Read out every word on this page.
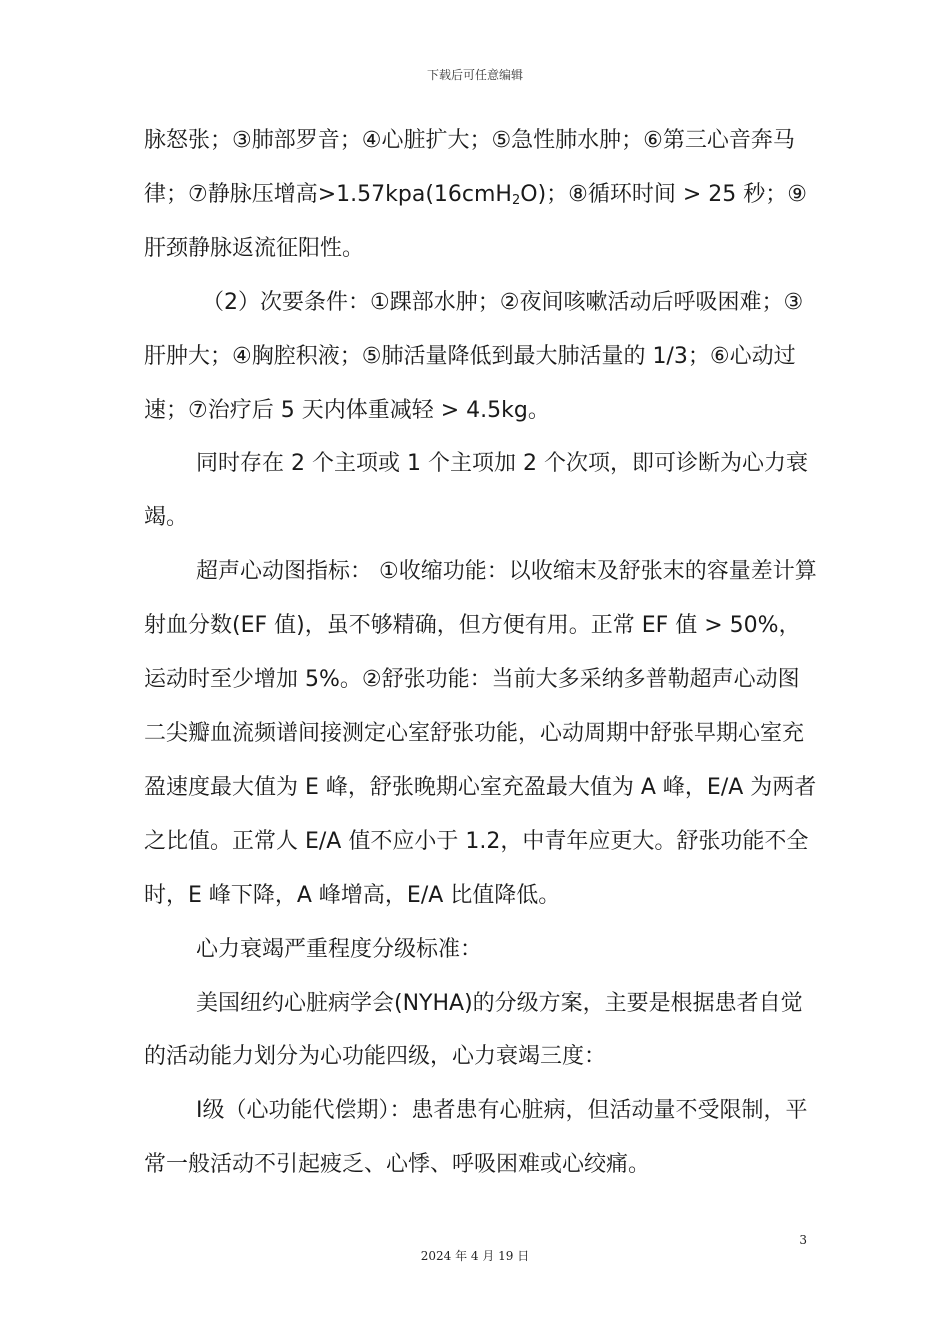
下载后可任意编辑

脉怒张；③肺部罗音；④心脏扩大；⑤急性肺水肿；⑥第三心音奔马律；⑦静脉压增高>1.57kpa(16cmH$_2$O)；⑧循环时间 > 25 秒；⑨肝颈静脉返流征阳性。

（2）次要条件：①踝部水肿；②夜间咳嗽活动后呼吸困难；③肝肿大；④胸腔积液；⑤肺活量降低到最大肺活量的 1/3；⑥心动过速；⑦治疗后 5 天内体重减轻 > 4.5kg。

同时存在 2 个主项或 1 个主项加 2 个次项，即可诊断为心力衰竭。

超声心动图指标： ①收缩功能：以收缩末及舒张末的容量差计算射血分数(EF 值)，虽不够精确，但方便有用。正常 EF 值 > 50%，运动时至少增加 5%。②舒张功能：当前大多采纳多普勒超声心动图二尖瓣血流频谱间接测定心室舒张功能，心动周期中舒张早期心室充盈速度最大值为 E 峰，舒张晚期心室充盈最大值为 A 峰，E/A 为两者之比值。正常人 E/A 值不应小于 1.2，中青年应更大。舒张功能不全时，E 峰下降，A 峰增高，E/A 比值降低。

心力衰竭严重程度分级标准：

美国纽约心脏病学会(NYHA)的分级方案，主要是根据患者自觉的活动能力划分为心功能四级，心力衰竭三度：

Ⅰ级（心功能代偿期）：患者患有心脏病，但活动量不受限制，平常一般活动不引起疲乏、心悸、呼吸困难或心绞痛。

3
2024 年 4 月 19 日
